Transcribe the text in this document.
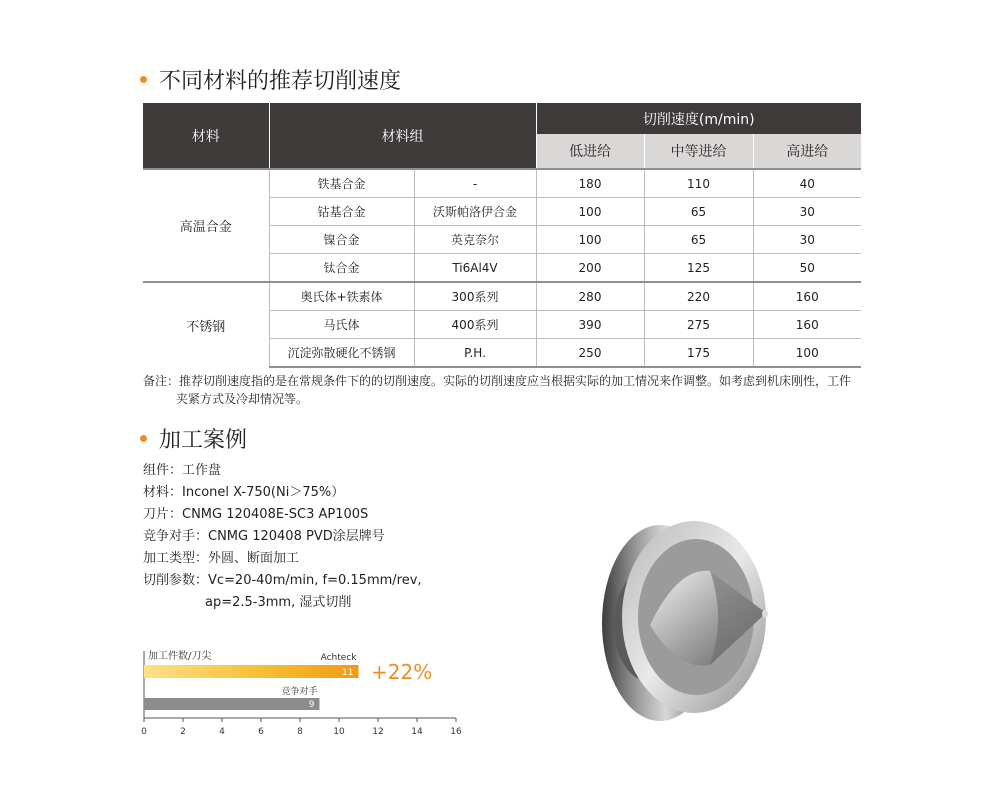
不同材料的推荐切削速度
材料	材料组		切削速度(m/min)		
			低进给	中等进给	高进给
高温合金	铁基合金	-	180	110	40
	钴基合金	沃斯帕洛伊合金	100	65	30
	镍合金	英克奈尔	100	65	30
	钛合金	Ti6Al4V	200	125	50
不锈钢	奥氏体+铁素体	300系列	280	220	160
	马氏体	400系列	390	275	160
	沉淀弥散硬化不锈钢	P.H.	250	175	100
备注：推荐切削速度指的是在常规条件下的的切削速度。实际的切削速度应当根据实际的加工情况来作调整。如考虑到机床刚性，工件
夹紧方式及冷却情况等。
加工案例
组件：工作盘
材料：Inconel X-750(Ni＞75%）
刀片：CNMG 120408E-SC3 AP100S
竞争对手：CNMG 120408 PVD涂层牌号
加工类型：外圆、断面加工
切削参数：Vc=20-40m/min, f=0.15mm/rev,
ap=2.5-3mm, 湿式切削
加工件数/刀尖	Achteck
11
竞争对手
9
0	2	4	6	8	10	12	14	16
+22%
